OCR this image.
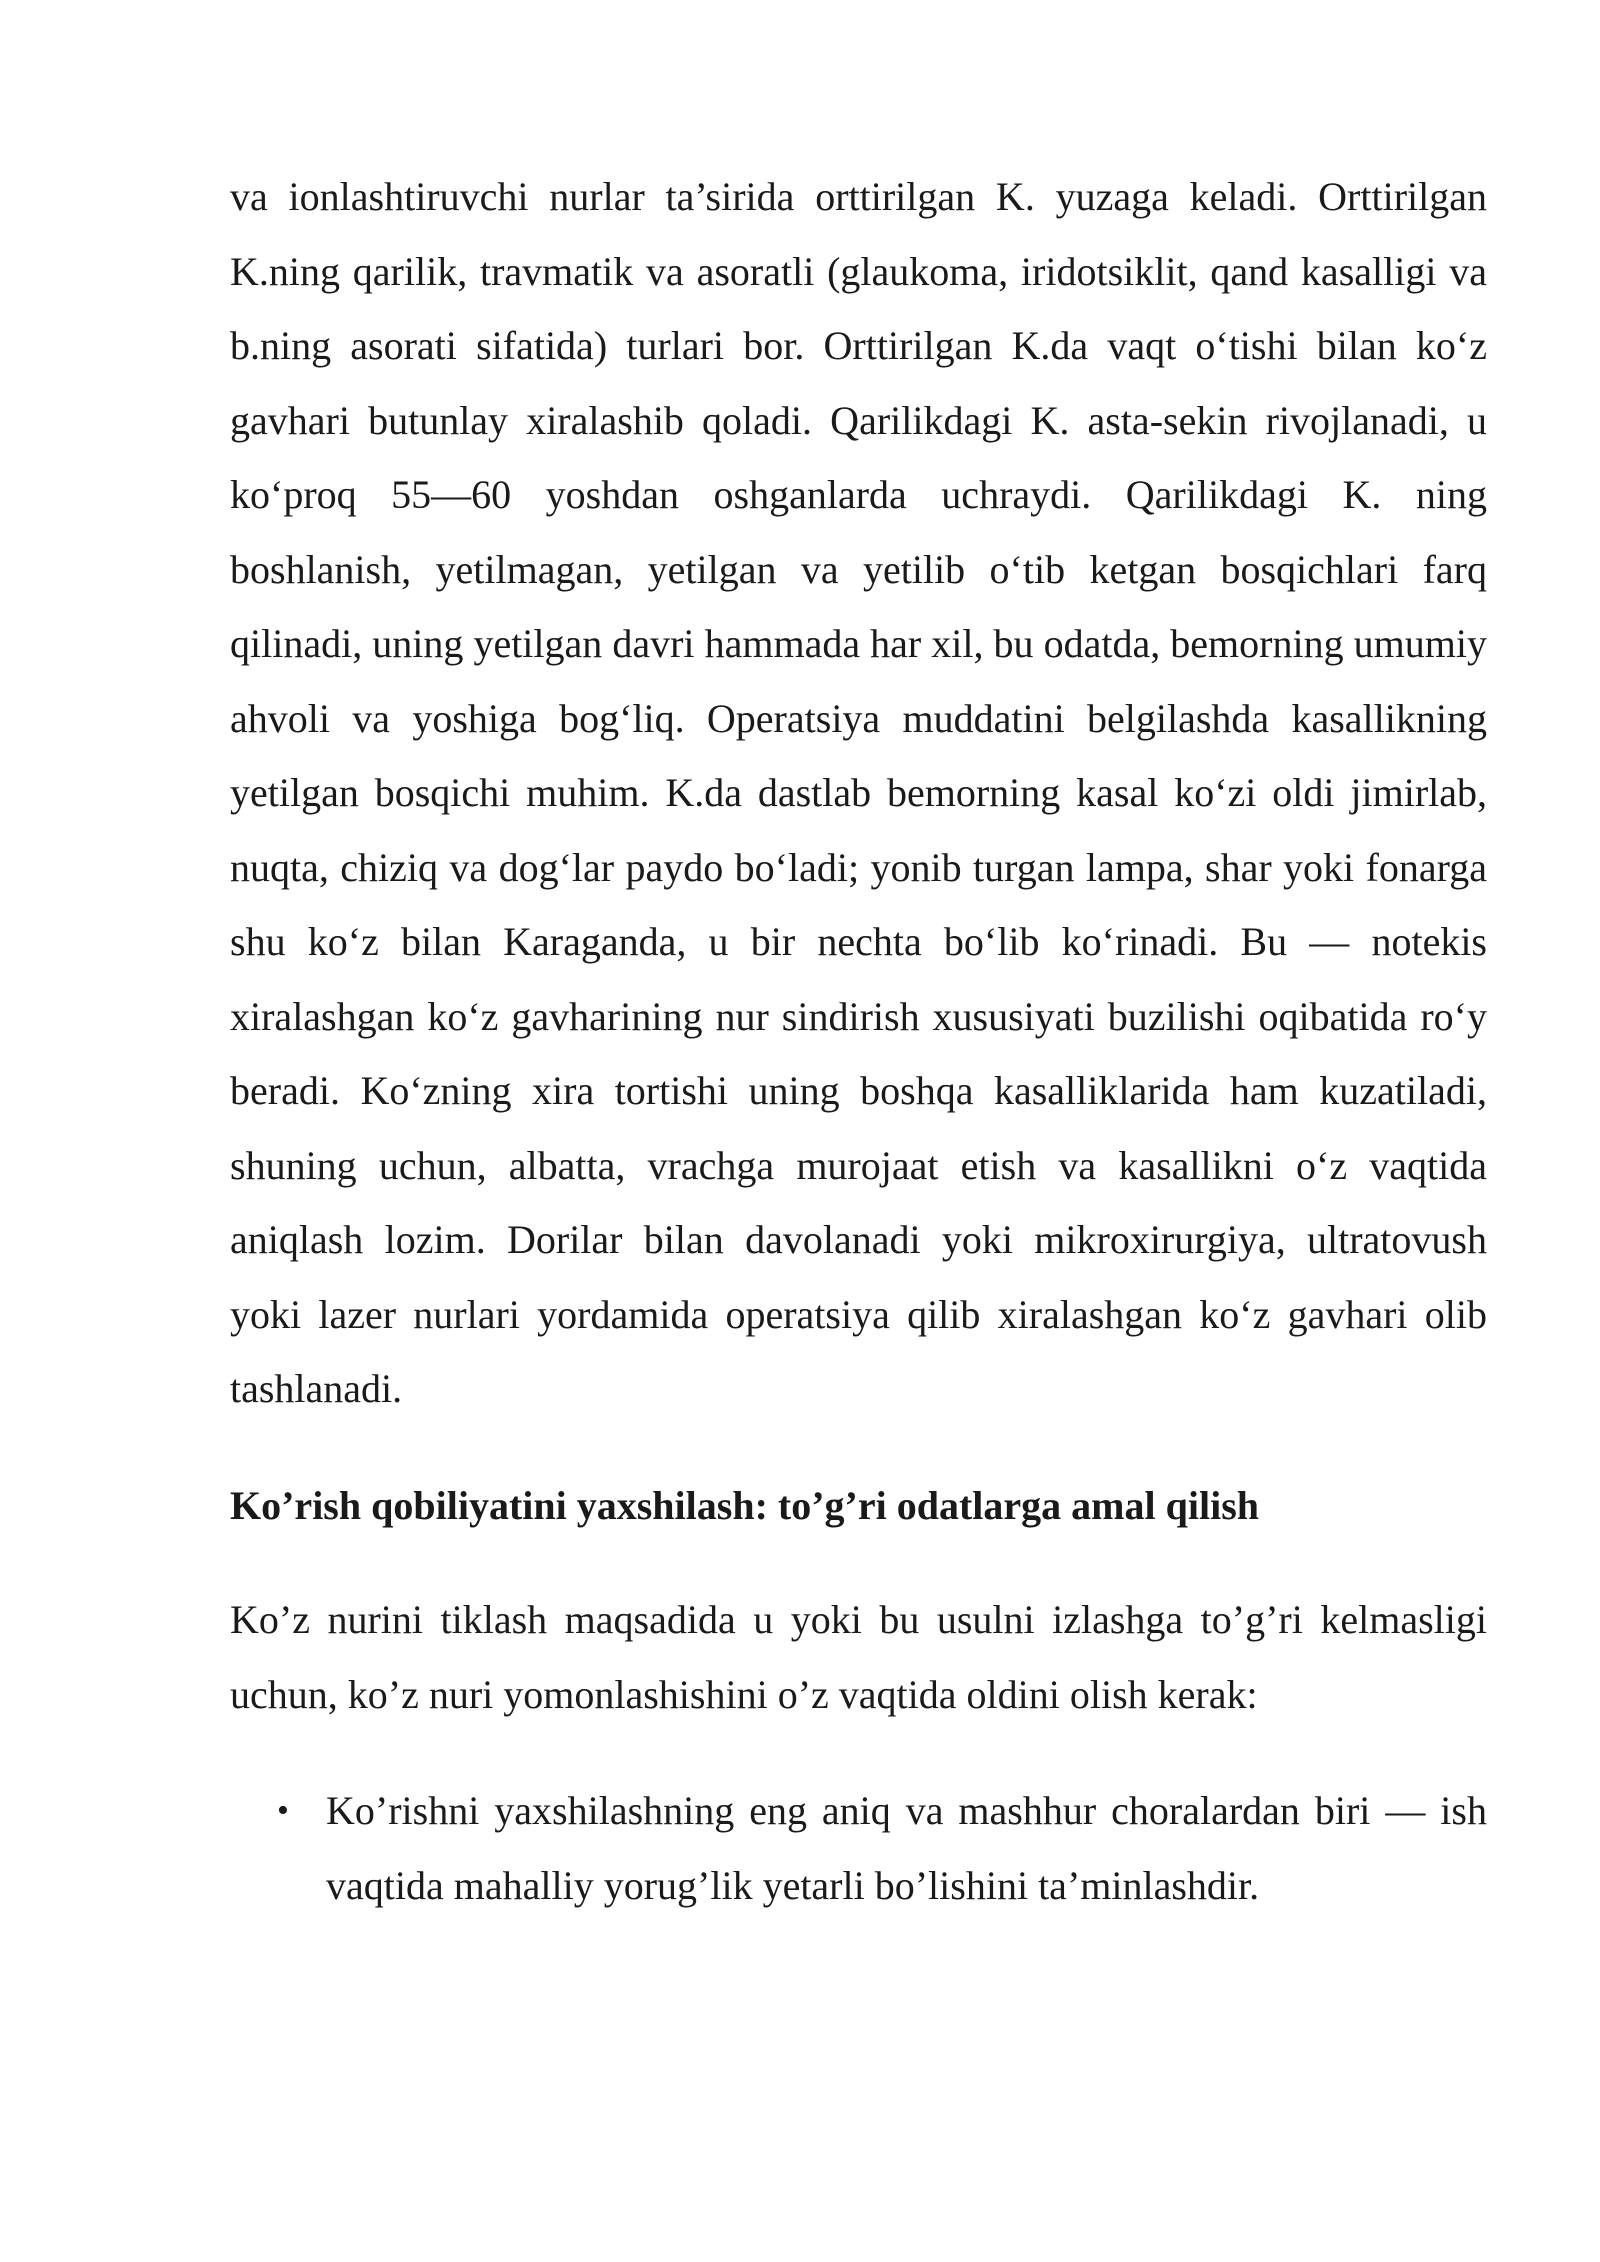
va ionlashtiruvchi nurlar ta’sirida orttirilgan K. yuzaga keladi. Orttirilgan K.ning qarilik, travmatik va asoratli (glaukoma, iridotsiklit, qand kasalligi va b.ning asorati sifatida) turlari bor. Orttirilgan K.da vaqt o‘tishi bilan ko‘z gavhari butunlay xiralashib qoladi. Qarilikdagi K. asta-sekin rivojlanadi, u ko‘proq 55—60 yoshdan oshganlarda uchraydi. Qarilikdagi K. ning boshlanish, yetilmagan, yetilgan va yetilib o‘tib ketgan bosqichlari farq qilinadi, uning yetilgan davri hammada har xil, bu odatda, bemorning umumiy ahvoli va yoshiga bog‘liq. Operatsiya muddatini belgilashda kasallikning yetilgan bosqichi muhim. K.da dastlab bemorning kasal ko‘zi oldi jimirlab, nuqta, chiziq va dog‘lar paydo bo‘ladi; yonib turgan lampa, shar yoki fonarga shu ko‘z bilan Karaganda, u bir nechta bo‘lib ko‘rinadi. Bu — notekis xiralashgan ko‘z gavharining nur sindirish xususiyati buzilishi oqibatida ro‘y beradi. Ko‘zning xira tortishi uning boshqa kasalliklarida ham kuzatiladi, shuning uchun, albatta, vrachga murojaat etish va kasallikni o‘z vaqtida aniqlash lozim. Dorilar bilan davolanadi yoki mikroxirurgiya, ultratovush yoki lazer nurlari yordamida operatsiya qilib xiralashgan ko‘z gavhari olib tashlanadi.

Ko’rish qobiliyatini yaxshilash: to’g’ri odatlarga amal qilish

Ko’z nurini tiklash maqsadida u yoki bu usulni izlashga to’g’ri kelmasligi uchun, ko’z nuri yomonlashishini o’z vaqtida oldini olish kerak:

• Ko’rishni yaxshilashning eng aniq va mashhur choralardan biri — ish vaqtida mahalliy yorug’lik yetarli bo’lishini ta’minlashdir.
